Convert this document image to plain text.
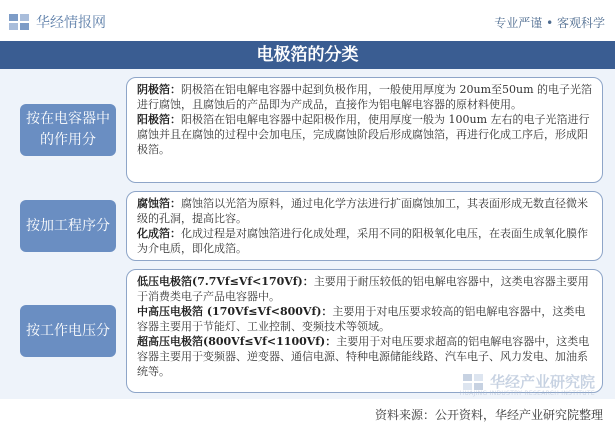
华经情报网	专业严谨 • 客观科学
电极箔的分类
按在电容器中的作用分

阴极箔：阴极箔在铝电解电容器中起到负极作用，一般使用厚度为 20um至50um 的电子光箔进行腐蚀，且腐蚀后的产品即为产成品，直接作为铝电解电容器的原材料使用。

阳极箔：阳极箔在铝电解电容器中起阳极作用，使用厚度一般为 100um 左右的电子光箔进行腐蚀并且在腐蚀的过程中会加电压，完成腐蚀阶段后形成腐蚀箔，再进行化成工序后，形成阳极箔。

按加工程序分

腐蚀箔：腐蚀箔以光箔为原料，通过电化学方法进行扩面腐蚀加工，其表面形成无数直径微米级的孔洞，提高比容。

化成箔：化成过程是对腐蚀箔进行化成处理，采用不同的阳极氧化电压，在表面生成氧化膜作为介电质，即化成箔。

按工作电压分

低压电极箔(7.7Vf≤Vf<170Vf)：主要用于耐压较低的铝电解电容器中，这类电容器主要用于消费类电子产品电容器中。

中高压电极箔 (170Vf≤Vf<800Vf)：主要用于对电压要求较高的铝电解电容器中，这类电容器主要用于节能灯、工业控制、变频技术等领域。

超高压电极箔(800Vf≤Vf<1100Vf)：主要用于对电压要求超高的铝电解电容器中，这类电容器主要用于变频器、逆变器、通信电源、特种电源储能线路、汽车电子、风力发电、加油系统等。

华经产业研究院
HUAJING INDUSTRY RESEARCH INSTITUTE
资料来源：公开资料，华经产业研究院整理
